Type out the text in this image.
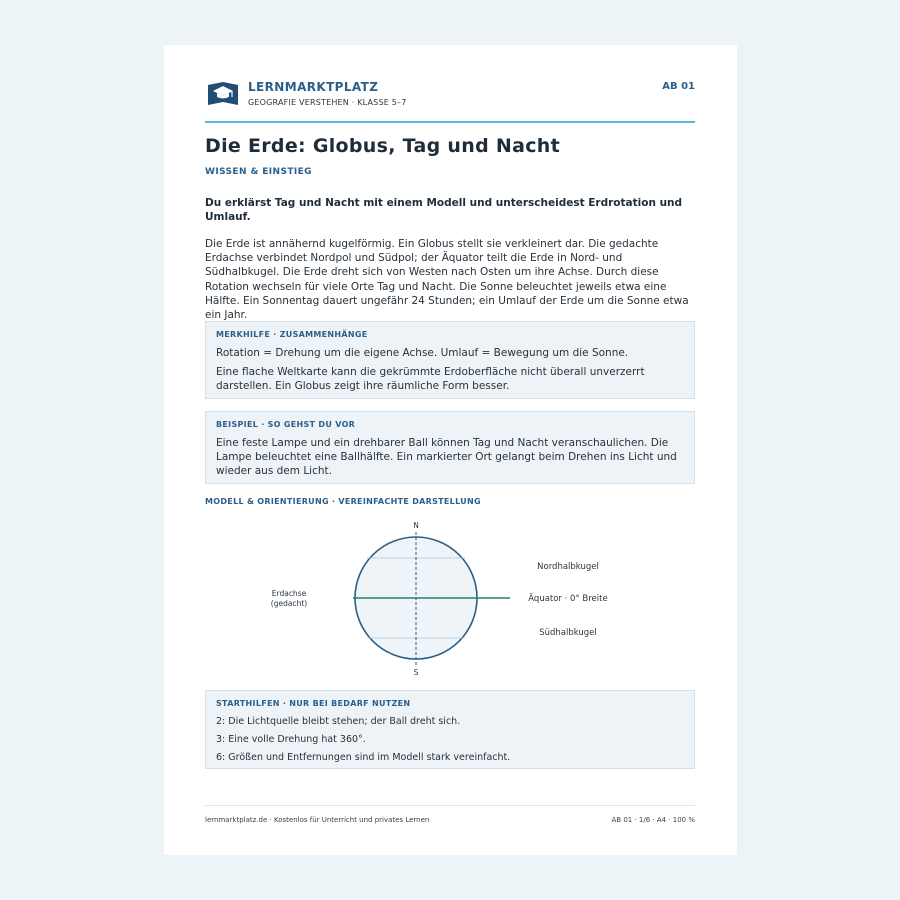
LERNMARKTPLATZ
GEOGRAFIE VERSTEHEN · KLASSE 5–7
AB 01
Die Erde: Globus, Tag und Nacht
WISSEN & EINSTIEG

Du erklärst Tag und Nacht mit einem Modell und unterscheidest Erdrotation und Umlauf.

Die Erde ist annähernd kugelförmig. Ein Globus stellt sie verkleinert dar. Die gedachte Erdachse verbindet Nordpol und Südpol; der Äquator teilt die Erde in Nord- und Südhalbkugel. Die Erde dreht sich von Westen nach Osten um ihre Achse. Durch diese Rotation wechseln für viele Orte Tag und Nacht. Die Sonne beleuchtet jeweils etwa eine Hälfte. Ein Sonnentag dauert ungefähr 24 Stunden; ein Umlauf der Erde um die Sonne etwa ein Jahr.

MERKHILFE · ZUSAMMENHÄNGE

Rotation = Drehung um die eigene Achse. Umlauf = Bewegung um die Sonne.

Eine flache Weltkarte kann die gekrümmte Erdoberfläche nicht überall unverzerrt darstellen. Ein Globus zeigt ihre räumliche Form besser.

BEISPIEL · SO GEHST DU VOR

Eine feste Lampe und ein drehbarer Ball können Tag und Nacht veranschaulichen. Die Lampe beleuchtet eine Ballhälfte. Ein markierter Ort gelangt beim Drehen ins Licht und wieder aus dem Licht.

MODELL & ORIENTIERUNG · VEREINFACHTE DARSTELLUNG
N
S
Erdachse
(gedacht)
Nordhalbkugel
Äquator · 0° Breite
Südhalbkugel
STARTHILFEN · NUR BEI BEDARF NUTZEN

2: Die Lichtquelle bleibt stehen; der Ball dreht sich.

3: Eine volle Drehung hat 360°.

6: Größen und Entfernungen sind im Modell stark vereinfacht.

lernmarktplatz.de · Kostenlos für Unterricht und privates Lernen	AB 01 · 1/6 · A4 · 100 %
